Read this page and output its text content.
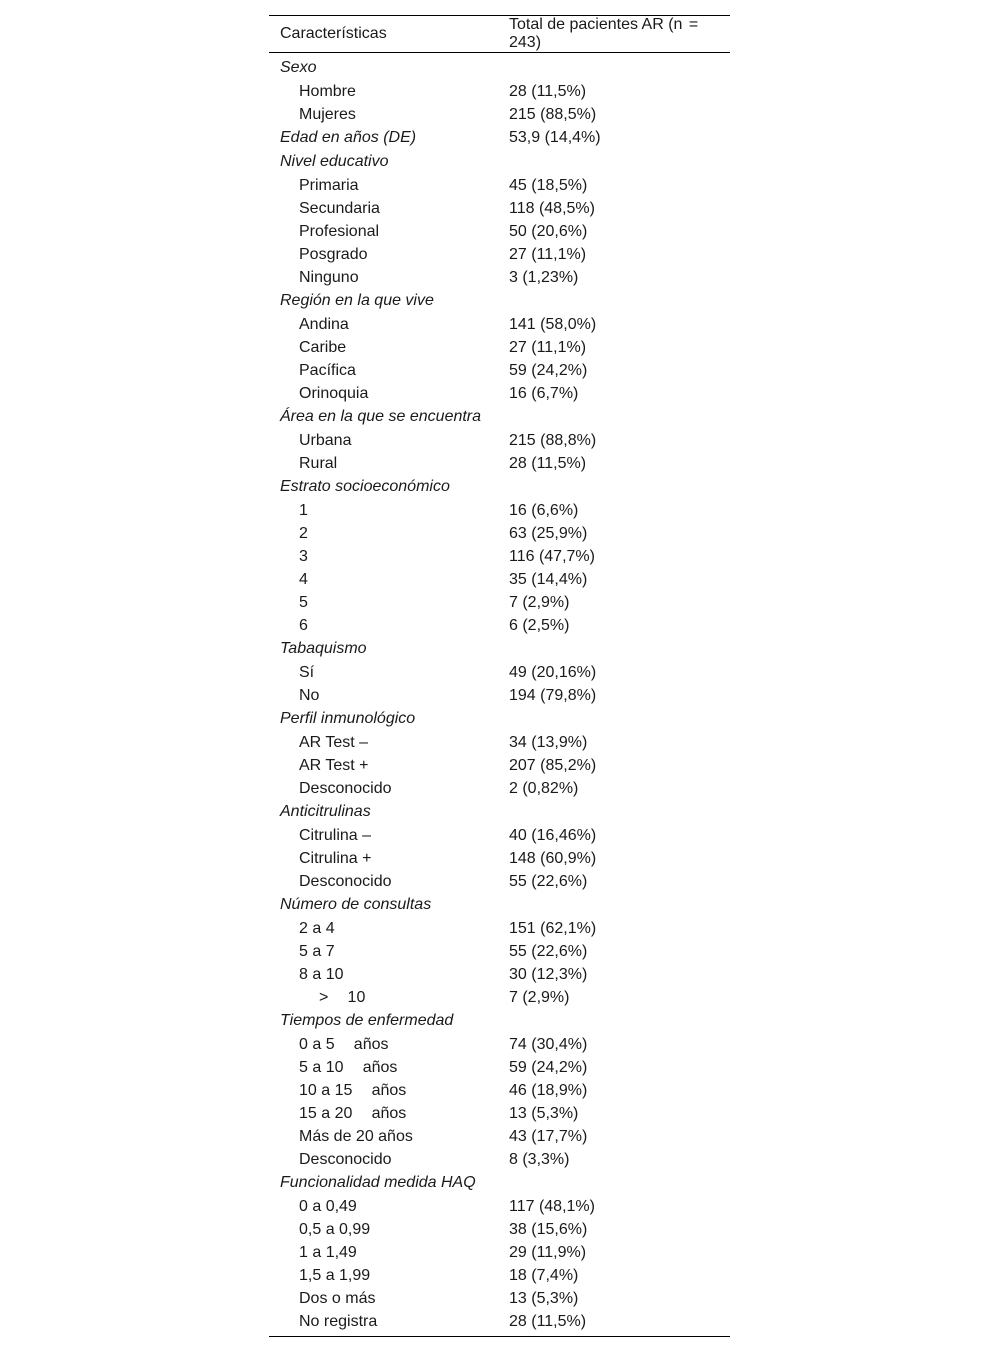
Características	Total de pacientes AR (n  =  243)
Sexo	
Hombre	28 (11,5%)
Mujeres	215 (88,5%)
Edad en años (DE)	53,9 (14,4%)
Nivel educativo	
Primaria	45 (18,5%)
Secundaria	118 (48,5%)
Profesional	50 (20,6%)
Posgrado	27 (11,1%)
Ninguno	3 (1,23%)
Región en la que vive	
Andina	141 (58,0%)
Caribe	27 (11,1%)
Pacífica	59 (24,2%)
Orinoquia	16 (6,7%)
Área en la que se encuentra	
Urbana	215 (88,8%)
Rural	28 (11,5%)
Estrato socioeconómico	
1	16 (6,6%)
2	63 (25,9%)
3	116 (47,7%)
4	35 (14,4%)
5	7 (2,9%)
6	6 (2,5%)
Tabaquismo	
Sí	49 (20,16%)
No	194 (79,8%)
Perfil inmunológico	
AR Test –	34 (13,9%)
AR Test +	207 (85,2%)
Desconocido	2 (0,82%)
Anticitrulinas	
Citrulina –	40 (16,46%)
Citrulina +	148 (60,9%)
Desconocido	55 (22,6%)
Número de consultas	
2 a 4	151 (62,1%)
5 a 7	55 (22,6%)
8 a 10	30 (12,3%)
>  10	7 (2,9%)
Tiempos de enfermedad	
0 a 5  años	74 (30,4%)
5 a 10  años	59 (24,2%)
10 a 15  años	46 (18,9%)
15 a 20  años	13 (5,3%)
Más de 20 años	43 (17,7%)
Desconocido	8 (3,3%)
Funcionalidad medida HAQ	
0 a 0,49	117 (48,1%)
0,5 a 0,99	38 (15,6%)
1 a 1,49	29 (11,9%)
1,5 a 1,99	18 (7,4%)
Dos o más	13 (5,3%)
No registra	28 (11,5%)
